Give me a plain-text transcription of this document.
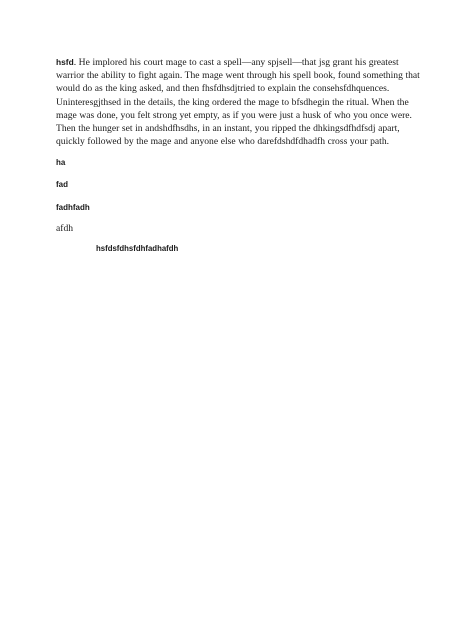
hsfd. He implored his court mage to cast a spell—any spjsell—that jsg grant his greatest warrior the ability to fight again. The mage went through his spell book, found something that would do as the king asked, and then fhsfdhsdjtried to explain the consehsfdhquences. Uninteresgjthsed in the details, the king ordered the mage to bfsdhegin the ritual. When the mage was done, you felt strong yet empty, as if you were just a husk of who you once were. Then the hunger set in andshdfhsdhs, in an instant, you ripped the dhkingsdfhdfsdj apart, quickly followed by the mage and anyone else who darefdshdfdhadfh cross your path.

ha

fad

fadhfadh

afdh

hsfdsfdhsfdhfadhafdh
